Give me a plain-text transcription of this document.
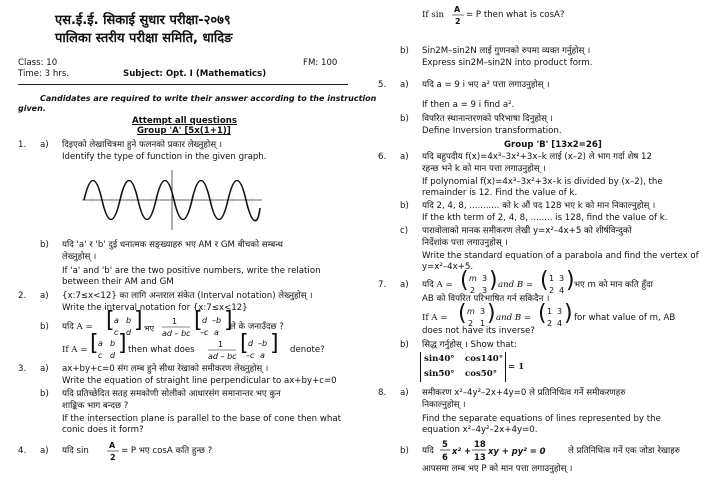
एस.ई.ई. सिकाई सुधार परीक्षा-२०७९
पालिका स्तरीय परीक्षा समिति, धादिङ
Class: 10	FM: 100
Time: 3 hrs.	Subject: Opt. I (Mathematics)
Candidates are required to write their answer according to the instruction
given.
Attempt all questions
Group 'A' [5x(1+1)]
1. a) दिइएको लेखाचित्रमा हुने फलनको प्रकार लेख्नुहोस् ।
Identify the type of function in the given graph.
b) यदि 'a' र 'b' दुई धनात्मक सङ्ख्याहरु भए AM र GM बीचको सम्बन्ध
लेख्नुहोस् ।
If 'a' and 'b' are the two positive numbers, write the relation
between their AM and GM
2. a) {x:7≤x<12} का लागि अन्तराल संकेत (Interval notation) लेख्नुहोस् ।
Write the interval notation for {x:7≤x<12}
b) यदि A = [ a b
c d ] भए
1
ad – bc
[ d –b
–c a ]
ले के जनाउँदछ ?
If A = [ a b
c d ] then what does
1
ad – bc
[ d –b
–c a ] denote?
3. a) ax+by+c=0 संग लम्ब हुने सीधा रेखाको समीकरण लेख्नुहोस् ।
Write the equation of straight line perpendicular to ax+by+c=0
b) यदि प्रतिच्छेदित सतह समकोणी सोलीको आधारसंग समानान्तर भए कुन
शाङ्किक भाग बन्दछ ?
If the intersection plane is parallel to the base of cone then what
conic does it form?
4. a) यदि sin
A
2
= P भए cosA कति हुन्छ ?
If sin
A
2
= P then what is cosA?
b) Sin2M–sin2N लाई गुणनको रुपमा व्यक्त गर्नुहोस् ।
Express sin2M–sin2N into product form.
5. a) यदि a = 9 i भए a² पत्ता लगाउनुहोस् ।
If then a = 9 i find a².
b) विपरित स्थानान्तरणको परिभाषा दिनुहोस् ।
Define Inversion transformation.
Group 'B' [13x2=26]
6. a) यदि बहुपदीय f(x)=4x³–3x²+3x–k लाई (x–2) ले भाग गर्दा शेष 12
रहन्छ भने k को मान पत्ता लगाउनुहोस् ।
If polynomial f(x)=4x³–3x²+3x–k is divided by (x–2), the
remainder is 12. Find the value of k.
b) यदि 2, 4, 8, ........... को k औं पद 128 भए k को मान निकाल्नुहोस् ।
If the kth term of 2, 4, 8, ........ is 128, find the value of k.
c) पारावोलाको मानक समीकरण लेखी y=x²–4x+5 को शीर्षविन्दुको
निर्देशांक पत्ता लगाउनुहोस् ।
Write the standard equation of a parabola and find the vertex of
y=x²–4x+5.
7. a) यदि A = ( m 3
2 3 ) and B = ( 1 3
2 4 ) भए m को मान कति हुँदा
AB को विपरित परिभाषित गर्न सकिदैन ।
If A = ( m 3
2 1 ) and B = ( 1 3
2 4 ) for what value of m, AB
does not have its inverse?
b) सिद्ध गर्नुहोस् । Show that:
sin40° cos140°
sin50° cos50°
= 1
8. a) समीकरण x²–4y²–2x+4y=0 ले प्रतिनिधित्व गर्ने समीकरणहरु
निकाल्नुहोस् ।
Find the separate equations of lines represented by the
equation x²–4y²–2x+4y=0.
b) यदि
5
6
x² +
18
13
xy + py² = 0	ले प्रतिनिधित्व गर्ने एक जोडा रेखाहरु
आपसमा लम्ब भए P को मान पत्ता लगाउनुहोस् ।
